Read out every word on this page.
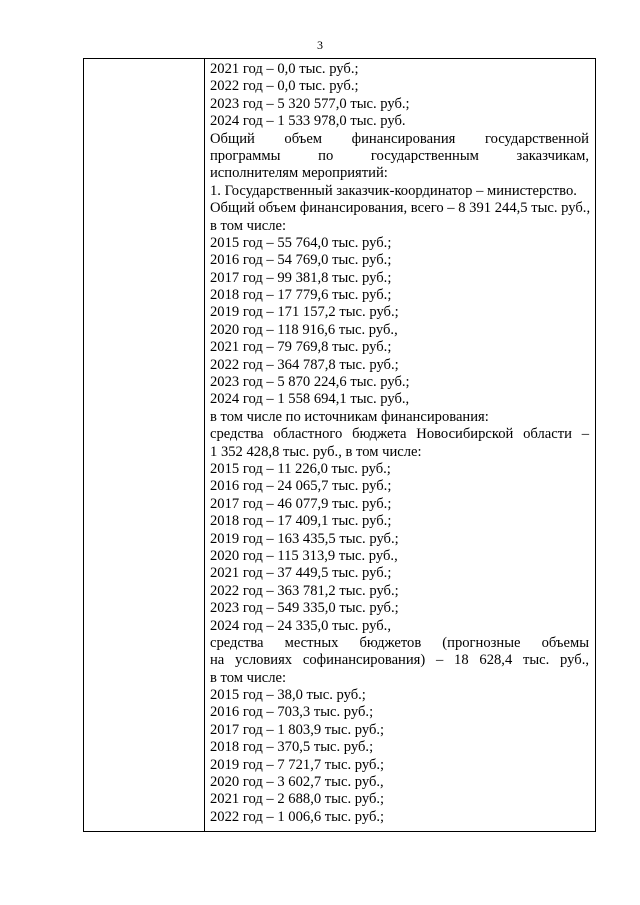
3
2021 год – 0,0 тыс. руб.;
2022 год – 0,0 тыс. руб.;
2023 год – 5 320 577,0 тыс. руб.;
2024 год – 1 533 978,0 тыс. руб.
Общий объем финансирования государственной
программы по государственным заказчикам,
исполнителям мероприятий:
1. Государственный заказчик-координатор – министерство.
Общий объем финансирования, всего – 8 391 244,5 тыс. руб.,
в том числе:
2015 год – 55 764,0 тыс. руб.;
2016 год – 54 769,0 тыс. руб.;
2017 год – 99 381,8 тыс. руб.;
2018 год – 17 779,6 тыс. руб.;
2019 год – 171 157,2 тыс. руб.;
2020 год – 118 916,6 тыс. руб.,
2021 год – 79 769,8 тыс. руб.;
2022 год – 364 787,8 тыс. руб.;
2023 год – 5 870 224,6 тыс. руб.;
2024 год – 1 558 694,1 тыс. руб.,
в том числе по источникам финансирования:
средства областного бюджета Новосибирской области –
1 352 428,8 тыс. руб., в том числе:
2015 год – 11 226,0 тыс. руб.;
2016 год – 24 065,7 тыс. руб.;
2017 год – 46 077,9 тыс. руб.;
2018 год – 17 409,1 тыс. руб.;
2019 год – 163 435,5 тыс. руб.;
2020 год – 115 313,9 тыс. руб.,
2021 год – 37 449,5 тыс. руб.;
2022 год – 363 781,2 тыс. руб.;
2023 год – 549 335,0 тыс. руб.;
2024 год – 24 335,0 тыс. руб.,
средства местных бюджетов (прогнозные объемы
на условиях софинансирования) – 18 628,4 тыс. руб.,
в том числе:
2015 год – 38,0 тыс. руб.;
2016 год – 703,3 тыс. руб.;
2017 год – 1 803,9 тыс. руб.;
2018 год – 370,5 тыс. руб.;
2019 год – 7 721,7 тыс. руб.;
2020 год – 3 602,7 тыс. руб.,
2021 год – 2 688,0 тыс. руб.;
2022 год – 1 006,6 тыс. руб.;
